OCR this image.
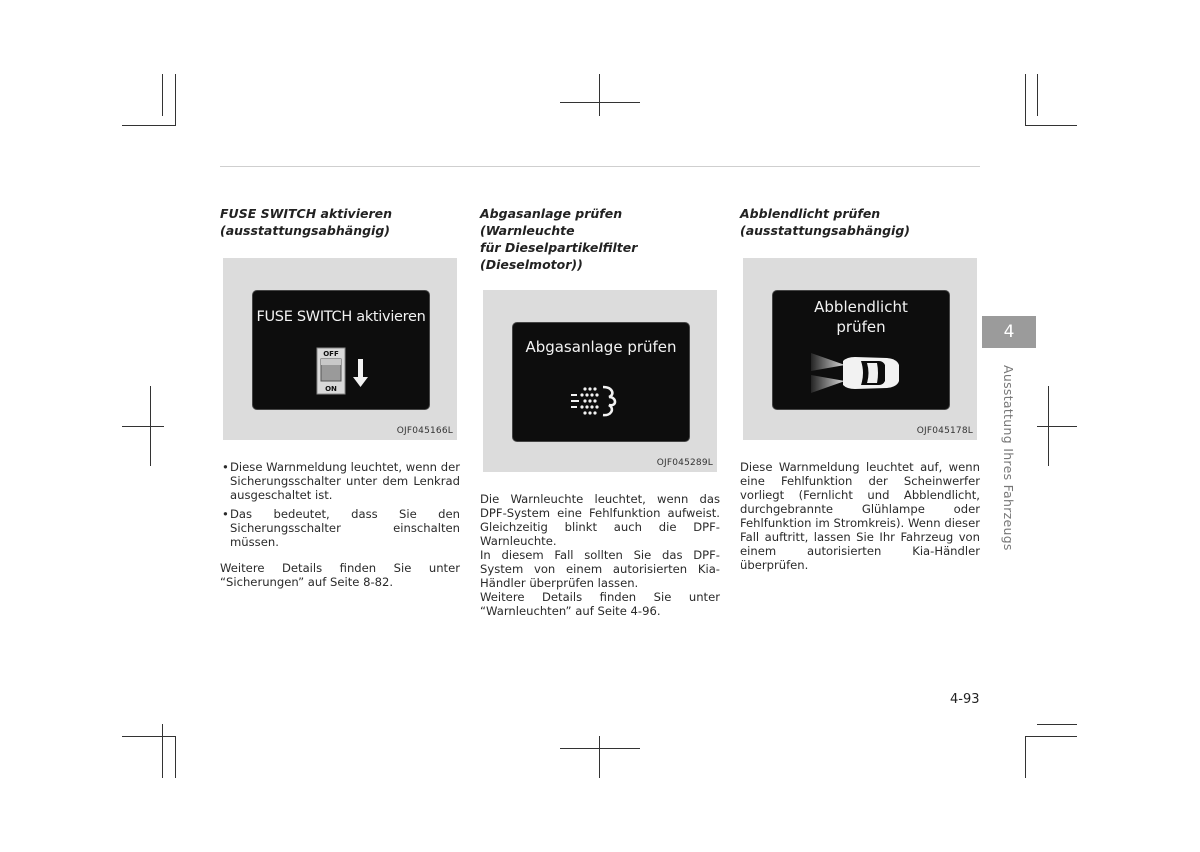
FUSE SWITCH aktivieren
(ausstattungsabhängig)

FUSE SWITCH aktivieren
OFF
ON
OJF045166L
• Diese Warnmeldung leuchtet, wenn der Sicherungsschalter unter dem Lenkrad ausgeschaltet ist.
• Das bedeutet, dass Sie den Sicherungsschalter einschalten müssen.

Weitere Details finden Sie unter “Sicherungen” auf Seite 8-82.

Abgasanlage prüfen (Warnleuchte
für Dieselpartikelfilter
(Dieselmotor))

Abgasanlage prüfen
OJF045289L

Die Warnleuchte leuchtet, wenn das DPF-System eine Fehlfunktion aufweist. Gleichzeitig blinkt auch die DPF-Warnleuchte.

In diesem Fall sollten Sie das DPF-System von einem autorisierten Kia-Händler überprüfen lassen.

Weitere Details finden Sie unter “Warnleuchten” auf Seite 4-96.

Abblendlicht prüfen
(ausstattungsabhängig)

Abblendlicht
prüfen
OJF045178L

Diese Warnmeldung leuchtet auf, wenn eine Fehlfunktion der Scheinwerfer vorliegt (Fernlicht und Abblendlicht, durchgebrannte Glühlampe oder Fehlfunktion im Stromkreis). Wenn dieser Fall auftritt, lassen Sie Ihr Fahrzeug von einem autorisierten Kia-Händler überprüfen.

4
Ausstattung Ihres Fahrzeugs
4-93
